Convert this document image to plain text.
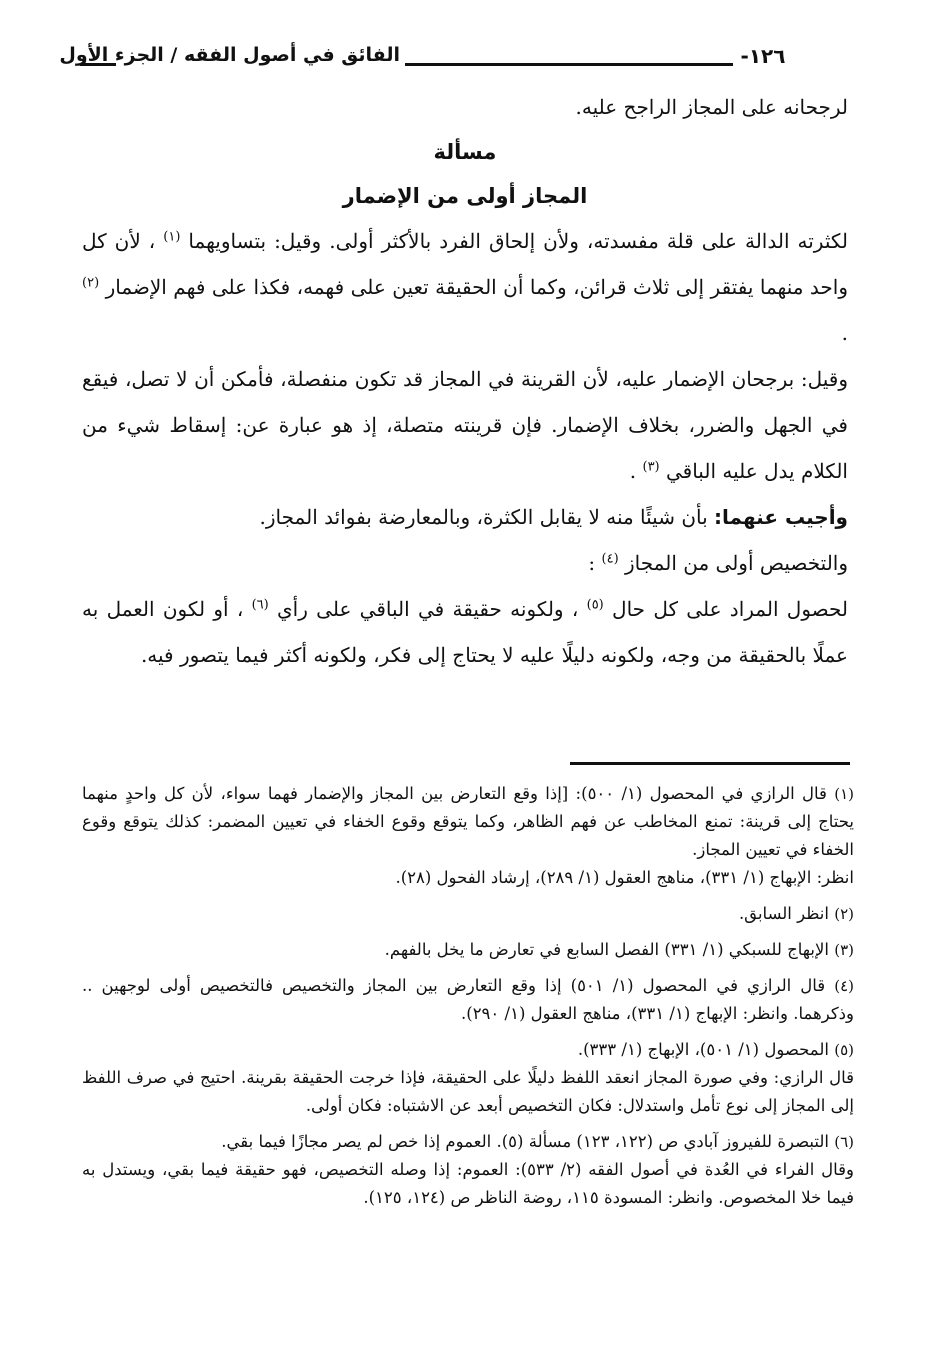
الفائق في أصول الفقه / الجزء الأول	-١٢٦

لرجحانه على المجاز الراجح عليه.

مسألة

المجاز أولى من الإضمار

لكثرته الدالة على قلة مفسدته، ولأن إلحاق الفرد بالأكثر أولى. وقيل: بتساويهما $^{(١)}$ ، لأن كل واحد منهما يفتقر إلى ثلاث قرائن، وكما أن الحقيقة تعين على فهمه، فكذا على فهم الإضمار $^{(٢)}$ .

وقيل: برجحان الإضمار عليه، لأن القرينة في المجاز قد تكون منفصلة، فأمكن أن لا تصل، فيقع في الجهل والضرر، بخلاف الإضمار. فإن قرينته متصلة، إذ هو عبارة عن: إسقاط شيء من الكلام يدل عليه الباقي $^{(٣)}$ .

وأجيب عنهما: بأن شيئًا منه لا يقابل الكثرة، وبالمعارضة بفوائد المجاز.

والتخصيص أولى من المجاز $^{(٤)}$ :

لحصول المراد على كل حال $^{(٥)}$ ، ولكونه حقيقة في الباقي على رأي $^{(٦)}$ ، أو لكون العمل به عملًا بالحقيقة من وجه، ولكونه دليلًا عليه لا يحتاج إلى فكر، ولكونه أكثر فيما يتصور فيه.

(١) قال الرازي في المحصول (١/ ٥٠٠): [إذا وقع التعارض بين المجاز والإضمار فهما سواء، لأن كل واحدٍ منهما يحتاج إلى قرينة: تمنع المخاطب عن فهم الظاهر، وكما يتوقع وقوع الخفاء في تعيين المضمر: كذلك يتوقع وقوع الخفاء في تعيين المجاز.

انظر: الإبهاج (١/ ٣٣١)، مناهج العقول (١/ ٢٨٩)، إرشاد الفحول (٢٨).

(٢) انظر السابق.

(٣) الإبهاج للسبكي (١/ ٣٣١) الفصل السابع في تعارض ما يخل بالفهم.

(٤) قال الرازي في المحصول (١/ ٥٠١) إذا وقع التعارض بين المجاز والتخصيص فالتخصيص أولى لوجهين .. وذكرهما. وانظر: الإبهاج (١/ ٣٣١)، مناهج العقول (١/ ٢٩٠).

(٥) المحصول (١/ ٥٠١)، الإبهاج (١/ ٣٣٣).

قال الرازي: وفي صورة المجاز انعقد اللفظ دليلًا على الحقيقة، فإذا خرجت الحقيقة بقرينة. احتيج في صرف اللفظ إلى المجاز إلى نوع تأمل واستدلال: فكان التخصيص أبعد عن الاشتباه: فكان أولى.

(٦) التبصرة للفيروز آبادي ص (١٢٢، ١٢٣) مسألة (٥). العموم إذا خص لم يصر مجازًا فيما بقي.

وقال الفراء في العُدة في أصول الفقه (٢/ ٥٣٣): العموم: إذا وصله التخصيص، فهو حقيقة فيما بقي، ويستدل به فيما خلا المخصوص. وانظر: المسودة ١١٥، روضة الناظر ص (١٢٤، ١٢٥).
